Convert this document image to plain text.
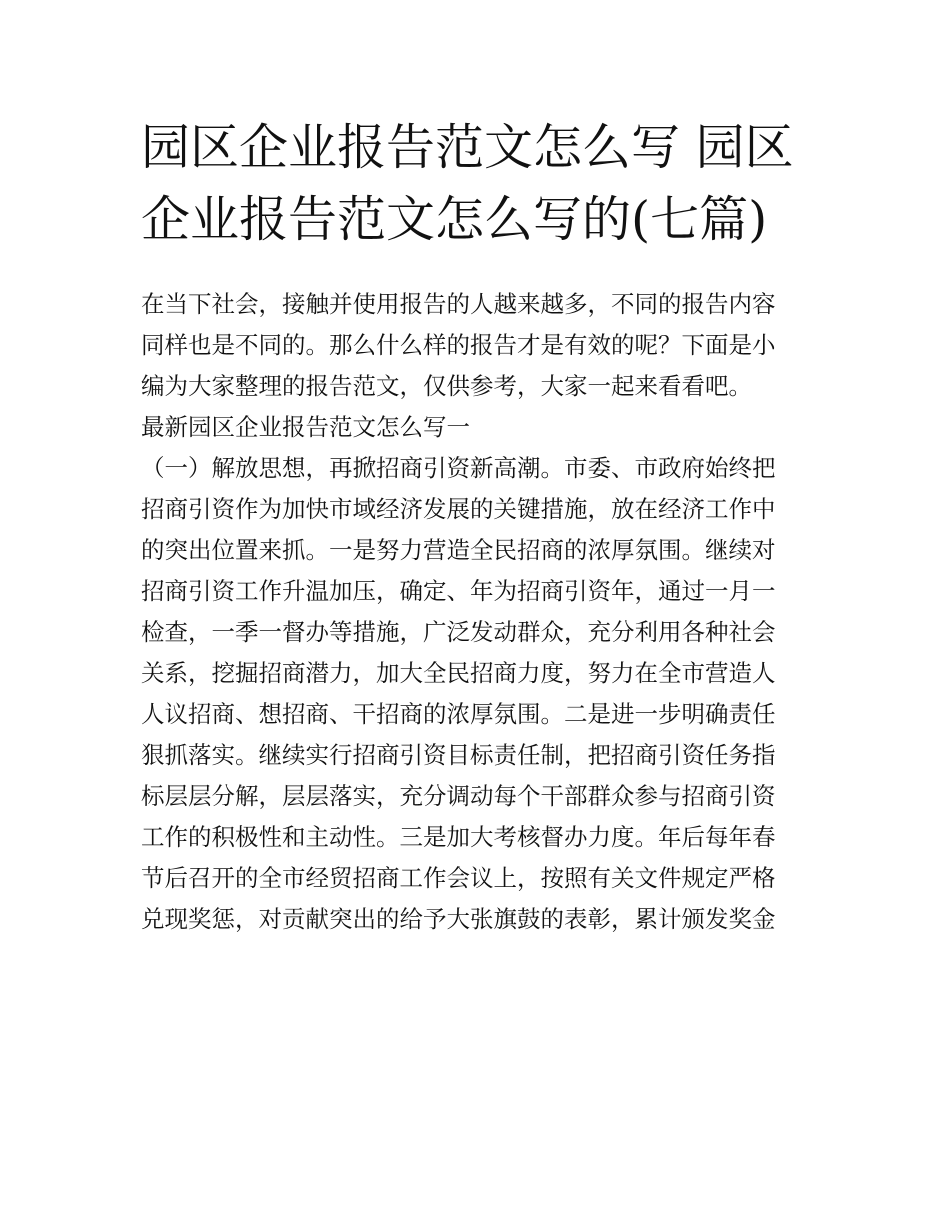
园区企业报告范文怎么写 园区
企业报告范文怎么写的(七篇)
在当下社会，接触并使用报告的人越来越多，不同的报告内容
同样也是不同的。那么什么样的报告才是有效的呢？下面是小
编为大家整理的报告范文，仅供参考，大家一起来看看吧。
最新园区企业报告范文怎么写一
（一）解放思想，再掀招商引资新高潮。市委、市政府始终把
招商引资作为加快市域经济发展的关键措施，放在经济工作中
的突出位置来抓。一是努力营造全民招商的浓厚氛围。继续对
招商引资工作升温加压，确定、年为招商引资年，通过一月一
检查，一季一督办等措施，广泛发动群众，充分利用各种社会
关系，挖掘招商潜力，加大全民招商力度，努力在全市营造人
人议招商、想招商、干招商的浓厚氛围。二是进一步明确责任
狠抓落实。继续实行招商引资目标责任制，把招商引资任务指
标层层分解，层层落实，充分调动每个干部群众参与招商引资
工作的积极性和主动性。三是加大考核督办力度。年后每年春
节后召开的全市经贸招商工作会议上，按照有关文件规定严格
兑现奖惩，对贡献突出的给予大张旗鼓的表彰，累计颁发奖金
